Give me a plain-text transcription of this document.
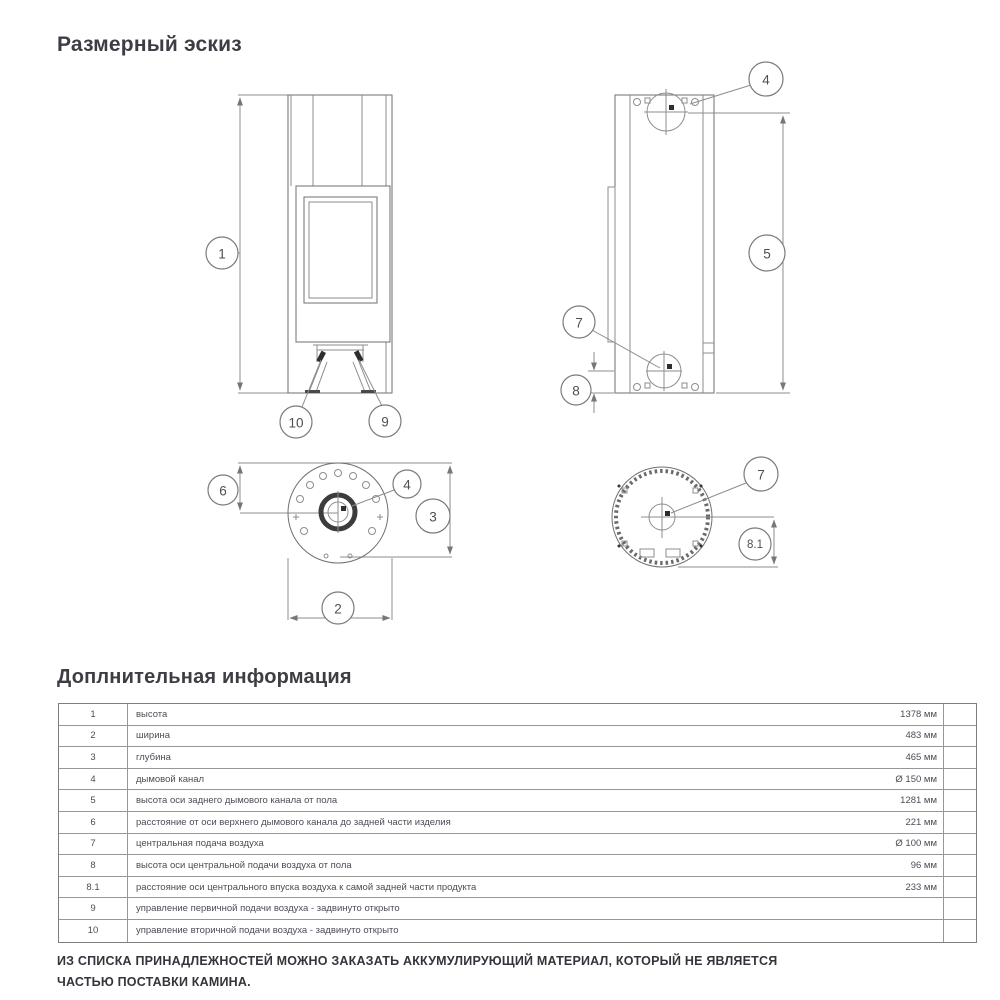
Размерный эскиз
1
10	9
4
5
7
8
6	4
3
2
7
8.1
Доплнительная информация
1	высота	1378 мм
2	ширина	483 мм
3	глубина	465 мм
4	дымовой канал	Ø 150 мм
5	высота оси заднего дымового канала от пола	1281 мм
6	расстояние от оси верхнего дымового канала до задней части изделия	221 мм
7	центральная подача воздуха	Ø 100 мм
8	высота оси центральной подачи воздуха от пола	96 мм
8.1	расстояние оси центрального впуска воздуха к самой задней части продукта	233 мм
9	управление первичной подачи воздуха - задвинуто открыто
10	управление вторичной подачи воздуха - задвинуто открыто
ИЗ СПИСКА ПРИНАДЛЕЖНОСТЕЙ МОЖНО ЗАКАЗАТЬ АККУМУЛИРУЮЩИЙ МАТЕРИАЛ, КОТОРЫЙ НЕ ЯВЛЯЕТСЯ
ЧАСТЬЮ ПОСТАВКИ КАМИНА.
